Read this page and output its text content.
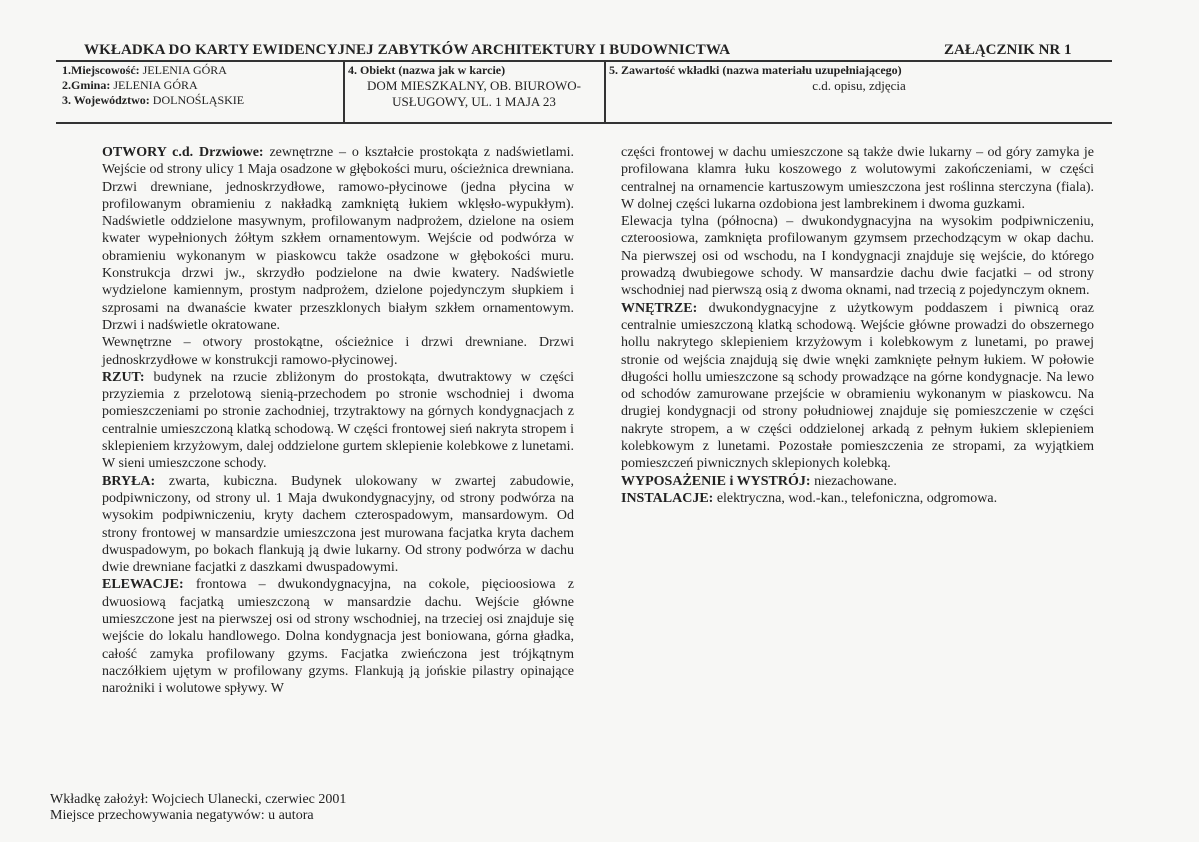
WKŁADKA DO KARTY EWIDENCYJNEJ ZABYTKÓW ARCHITEKTURY I BUDOWNICTWA	ZAŁĄCZNIK NR 1
1.Miejscowość: JELENIA GÓRA
2.Gmina: JELENIA GÓRA
3. Województwo: DOLNOŚLĄSKIE
4. Obiekt (nazwa jak w karcie)
DOM MIESZKALNY, OB. BIUROWO-
USŁUGOWY, UL. 1 MAJA 23
5. Zawartość wkładki (nazwa materiału uzupełniającego)
c.d. opisu, zdjęcia

OTWORY c.d. Drzwiowe: zewnętrzne – o kształcie prostokąta z nadświetlami. Wejście od strony ulicy 1 Maja osadzone w głębokości muru, ościeżnica drewniana. Drzwi drewniane, jednoskrzydłowe, ramowo-płycinowe (jedna płycina w profilowanym obramieniu z nakładką zamkniętą łukiem wklęsło-wypukłym). Nadświetle oddzielone masywnym, profilowanym nadprożem, dzielone na osiem kwater wypełnionych żółtym szkłem ornamentowym. Wejście od podwórza w obramieniu wykonanym w piaskowcu także osadzone w głębokości muru. Konstrukcja drzwi jw., skrzydło podzielone na dwie kwatery. Nadświetle wydzielone kamiennym, prostym nadprożem, dzielone pojedynczym słupkiem i szprosami na dwanaście kwater przeszklonych białym szkłem ornamentowym. Drzwi i nadświetle okratowane.

Wewnętrzne – otwory prostokątne, ościeżnice i drzwi drewniane. Drzwi jednoskrzydłowe w konstrukcji ramowo-płycinowej.

RZUT: budynek na rzucie zbliżonym do prostokąta, dwutraktowy w części przyziemia z przelotową sienią-przechodem po stronie wschodniej i dwoma pomieszczeniami po stronie zachodniej, trzytraktowy na górnych kondygnacjach z centralnie umieszczoną klatką schodową. W części frontowej sień nakryta stropem i sklepieniem krzyżowym, dalej oddzielone gurtem sklepienie kolebkowe z lunetami. W sieni umieszczone schody.

BRYŁA: zwarta, kubiczna. Budynek ulokowany w zwartej zabudowie, podpiwniczony, od strony ul. 1 Maja dwukondygnacyjny, od strony podwórza na wysokim podpiwniczeniu, kryty dachem czterospadowym, mansardowym. Od strony frontowej w mansardzie umieszczona jest murowana facjatka kryta dachem dwuspadowym, po bokach flankują ją dwie lukarny. Od strony podwórza w dachu dwie drewniane facjatki z daszkami dwuspadowymi.

ELEWACJE: frontowa – dwukondygnacyjna, na cokole, pięcioosiowa z dwuosiową facjatką umieszczoną w mansardzie dachu. Wejście główne umieszczone jest na pierwszej osi od strony wschodniej, na trzeciej osi znajduje się wejście do lokalu handlowego. Dolna kondygnacja jest boniowana, górna gładka, całość zamyka profilowany gzyms. Facjatka zwieńczona jest trójkątnym naczółkiem ujętym w profilowany gzyms. Flankują ją jońskie pilastry opinające narożniki i wolutowe spływy. W

części frontowej w dachu umieszczone są także dwie lukarny – od góry zamyka je profilowana klamra łuku koszowego z wolutowymi zakończeniami, w części centralnej na ornamencie kartuszowym umieszczona jest roślinna sterczyna (fiala). W dolnej części lukarna ozdobiona jest lambrekinem i dwoma guzkami.

Elewacja tylna (północna) – dwukondygnacyjna na wysokim podpiwniczeniu, czteroosiowa, zamknięta profilowanym gzymsem przechodzącym w okap dachu. Na pierwszej osi od wschodu, na I kondygnacji znajduje się wejście, do którego prowadzą dwubiegowe schody. W mansardzie dachu dwie facjatki – od strony wschodniej nad pierwszą osią z dwoma oknami, nad trzecią z pojedynczym oknem.

WNĘTRZE: dwukondygnacyjne z użytkowym poddaszem i piwnicą oraz centralnie umieszczoną klatką schodową. Wejście główne prowadzi do obszernego hollu nakrytego sklepieniem krzyżowym i kolebkowym z lunetami, po prawej stronie od wejścia znajdują się dwie wnęki zamknięte pełnym łukiem. W połowie długości hollu umieszczone są schody prowadzące na górne kondygnacje. Na lewo od schodów zamurowane przejście w obramieniu wykonanym w piaskowcu. Na drugiej kondygnacji od strony południowej znajduje się pomieszczenie w części nakryte stropem, a w części oddzielonej arkadą z pełnym łukiem sklepieniem kolebkowym z lunetami. Pozostałe pomieszczenia ze stropami, za wyjątkiem pomieszczeń piwnicznych sklepionych kolebką.

WYPOSAŻENIE i WYSTRÓJ: niezachowane.

INSTALACJE: elektryczna, wod.-kan., telefoniczna, odgromowa.

Wkładkę założył: Wojciech Ulanecki, czerwiec 2001
Miejsce przechowywania negatywów: u autora
